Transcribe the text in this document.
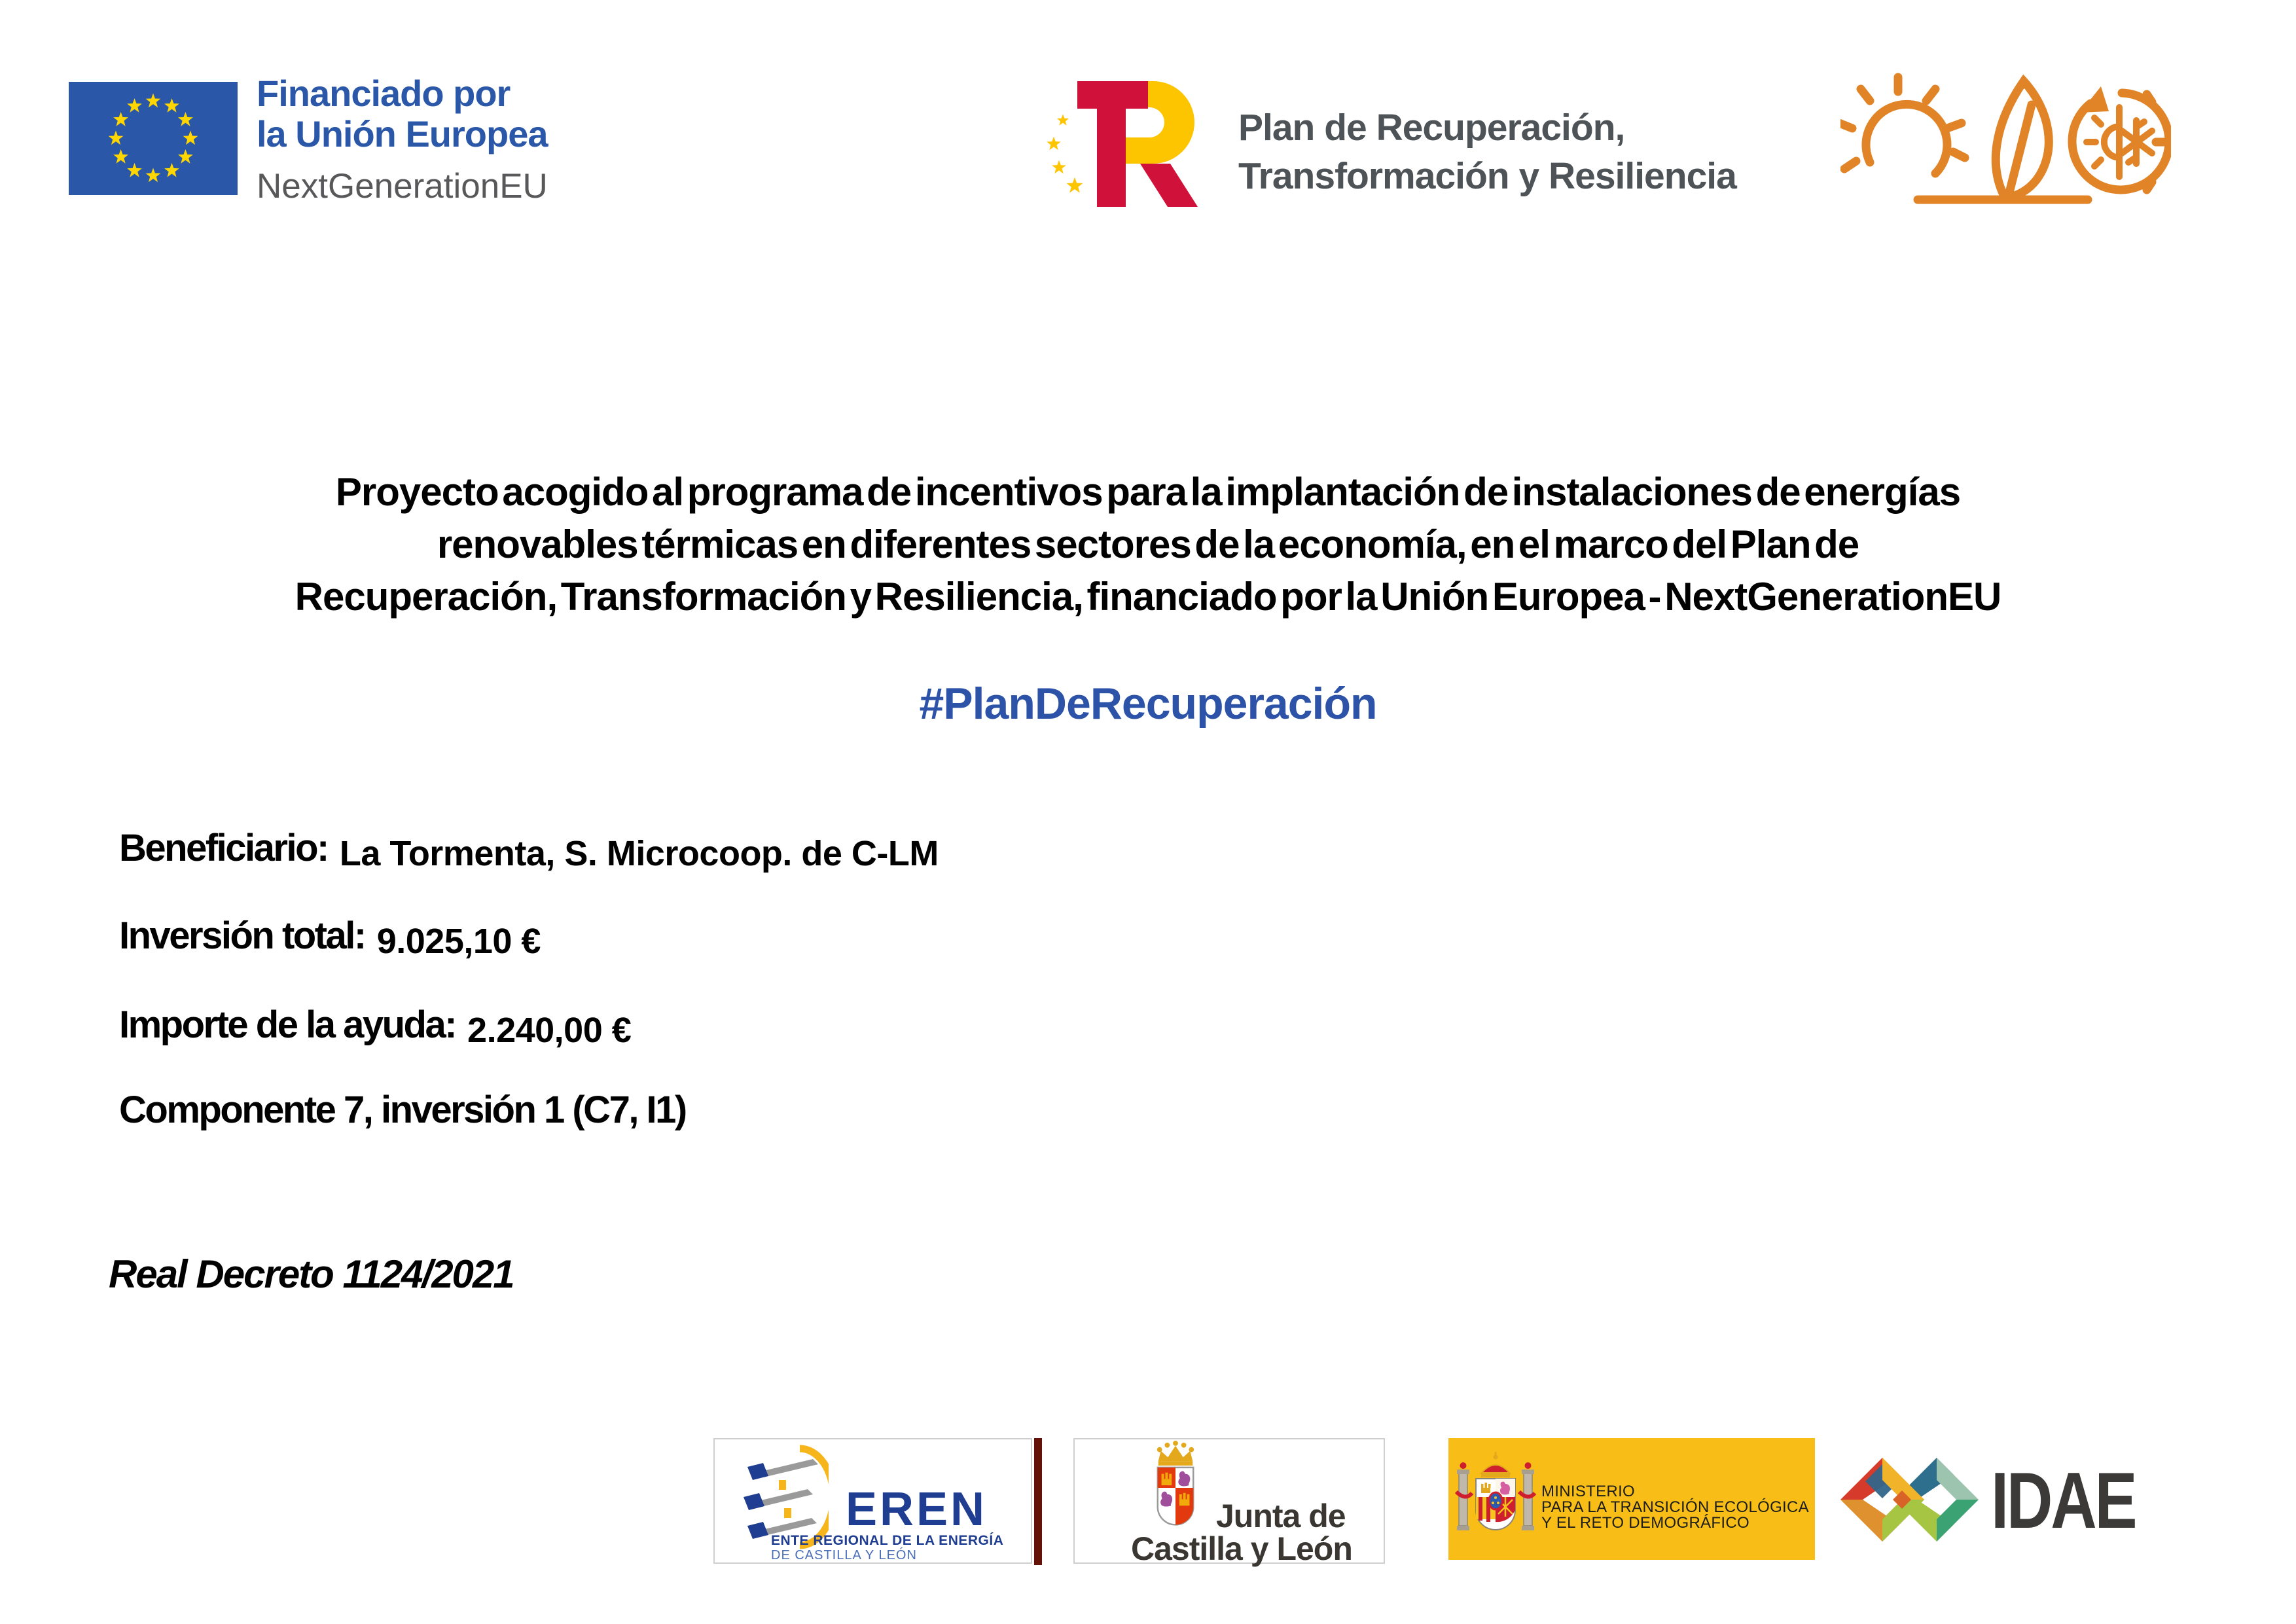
Financiado por
la Unión Europea
NextGenerationEU
Plan de Recuperación,
Transformación y Resiliencia
Proyecto acogido al programa de incentivos para la implantación de instalaciones de energías
renovables térmicas en diferentes sectores de la economía, en el marco del Plan de
Recuperación, Transformación y Resiliencia, financiado por la Unión Europea - NextGenerationEU
#PlanDeRecuperación
Beneficiario: La Tormenta, S. Microcoop. de C-LM
Inversión total: 9.025,10 €
Importe de la ayuda: 2.240,00 €
Componente 7, inversión 1 (C7, I1)
Real Decreto 1124/2021
EREN
ENTE REGIONAL DE LA ENERGÍA
DE CASTILLA Y LEÓN
Junta de
Castilla y León
MINISTERIO
PARA LA TRANSICIÓN ECOLÓGICA
Y EL RETO DEMOGRÁFICO	IDAE
